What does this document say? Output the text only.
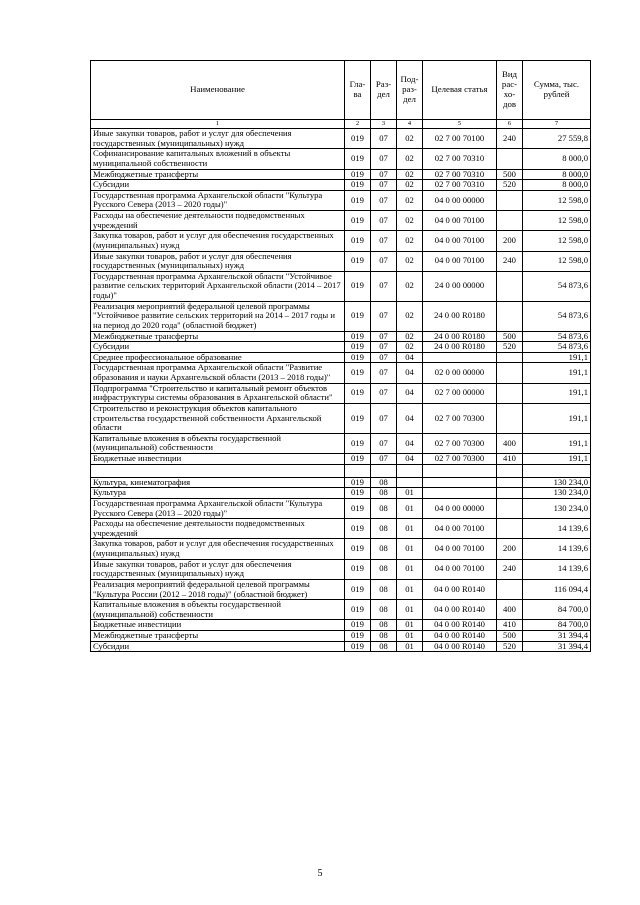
Наименование	Гла-ва	Раз-дел	Под-раз-дел	Целевая статья	Вид рас-хо-дов	Сумма, тыс. рублей
1	2	3	4	5	6	7
Иные закупки товаров, работ и услуг для обеспечения государственных (муниципальных) нужд	019	07	02	02 7 00 70100	240	27 559,8
Софинансирование капитальных вложений в объекты муниципальной собственности	019	07	02	02 7 00 70310		8 000,0
Межбюджетные трансферты	019	07	02	02 7 00 70310	500	8 000,0
Субсидии	019	07	02	02 7 00 70310	520	8 000,0
Государственная программа Архангельской области "Культура Русского Севера (2013 – 2020 годы)"	019	07	02	04 0 00 00000		12 598,0
Расходы на обеспечение деятельности подведомственных учреждений	019	07	02	04 0 00 70100		12 598,0
Закупка товаров, работ и услуг для обеспечения государственных (муниципальных) нужд	019	07	02	04 0 00 70100	200	12 598,0
Иные закупки товаров, работ и услуг для обеспечения государственных (муниципальных) нужд	019	07	02	04 0 00 70100	240	12 598,0
Государственная программа Архангельской области "Устойчивое развитие сельских территорий Архангельской области (2014 – 2017 годы)"	019	07	02	24 0 00 00000		54 873,6
Реализация мероприятий федеральной целевой программы "Устойчивое развитие сельских территорий на 2014 – 2017 годы и на период до 2020 года" (областной бюджет)	019	07	02	24 0 00 R0180		54 873,6
Межбюджетные трансферты	019	07	02	24 0 00 R0180	500	54 873,6
Субсидии	019	07	02	24 0 00 R0180	520	54 873,6
Среднее профессиональное образование	019	07	04			191,1
Государственная программа Архангельской области "Развитие образования и науки Архангельской области (2013 – 2018 годы)"	019	07	04	02 0 00 00000		191,1
Подпрограмма "Строительство и капитальный ремонт объектов инфраструктуры системы образования в Архангельской области"	019	07	04	02 7 00 00000		191,1
Строительство и реконструкция объектов капитального строительства государственной собственности Архангельской области	019	07	04	02 7 00 70300		191,1
Капитальные вложения в объекты государственной (муниципальной) собственности	019	07	04	02 7 00 70300	400	191,1
Бюджетные инвестиции	019	07	04	02 7 00 70300	410	191,1

Культура, кинематография	019	08				130 234,0
Культура	019	08	01			130 234,0
Государственная программа Архангельской области "Культура Русского Севера (2013 – 2020 годы)"	019	08	01	04 0 00 00000		130 234,0
Расходы на обеспечение деятельности подведомственных учреждений	019	08	01	04 0 00 70100		14 139,6
Закупка товаров, работ и услуг для обеспечения государственных (муниципальных) нужд	019	08	01	04 0 00 70100	200	14 139,6
Иные закупки товаров, работ и услуг для обеспечения государственных (муниципальных) нужд	019	08	01	04 0 00 70100	240	14 139,6
Реализация мероприятий федеральной целевой программы "Культура России (2012 – 2018 годы)" (областной бюджет)	019	08	01	04 0 00 R0140		116 094,4
Капитальные вложения в объекты государственной (муниципальной) собственности	019	08	01	04 0 00 R0140	400	84 700,0
Бюджетные инвестиции	019	08	01	04 0 00 R0140	410	84 700,0
Межбюджетные трансферты	019	08	01	04 0 00 R0140	500	31 394,4
Субсидии	019	08	01	04 0 00 R0140	520	31 394,4
5
